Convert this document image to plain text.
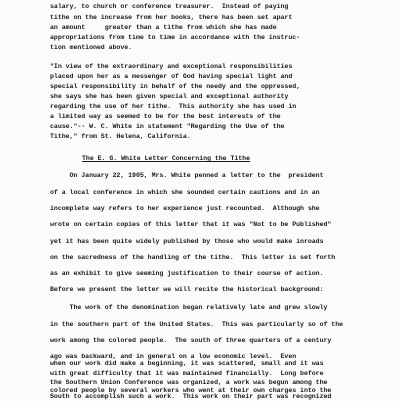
salary, to church or conference treasurer.  Instead of paying
tithe on the increase from her books, there has been set apart
an amount     greater than a tithe from which she has made
appropriations from time to time in accordance with the instruc-
tion mentioned above.
"In view of the extraordinary and exceptional responsibilities
placed upon her as a messenger of God having special light and
special responsibility in behalf of the needy and the oppressed,
she says she has been given special and exceptional authority
regarding the use of her tithe.  This authority she has used in
a limited way as seemed to be for the best interests of the
cause."-- W. C. White in statement "Regarding the Use of the
Tithe," from St. Helena, California.
The E. G. White Letter Concerning the Tithe
On January 22, 1905, Mrs. White penned a letter to the  president
of a local conference in which she sounded certain cautions and in an
incomplete way refers to her experience just recounted.  Although she
wrote on certain copies of this letter that it was "Not to be Published"
yet it has been quite widely published by those who would make inroads
on the sacredness of the handling of the tithe.  This letter is set forth
as an exhibit to give seeming justification to their course of action.
Before we present the letter we will recite the historical background:
The work of the denomination began relatively late and grew slowly
in the southern part of the United States.  This was particularly so of the
work among the colored people.  The south of three quarters of a century
ago was backward, and in general on a low economic level.  Even
when our work did make a beginning, it was scattered, small and it was
with great difficulty that it was maintained financially.  Long before
the Southern Union Conference was organized, a work was begun among the
colored people by several workers who went at their own charges into the
South to accomplish such a work.  This work on their part was recognized
